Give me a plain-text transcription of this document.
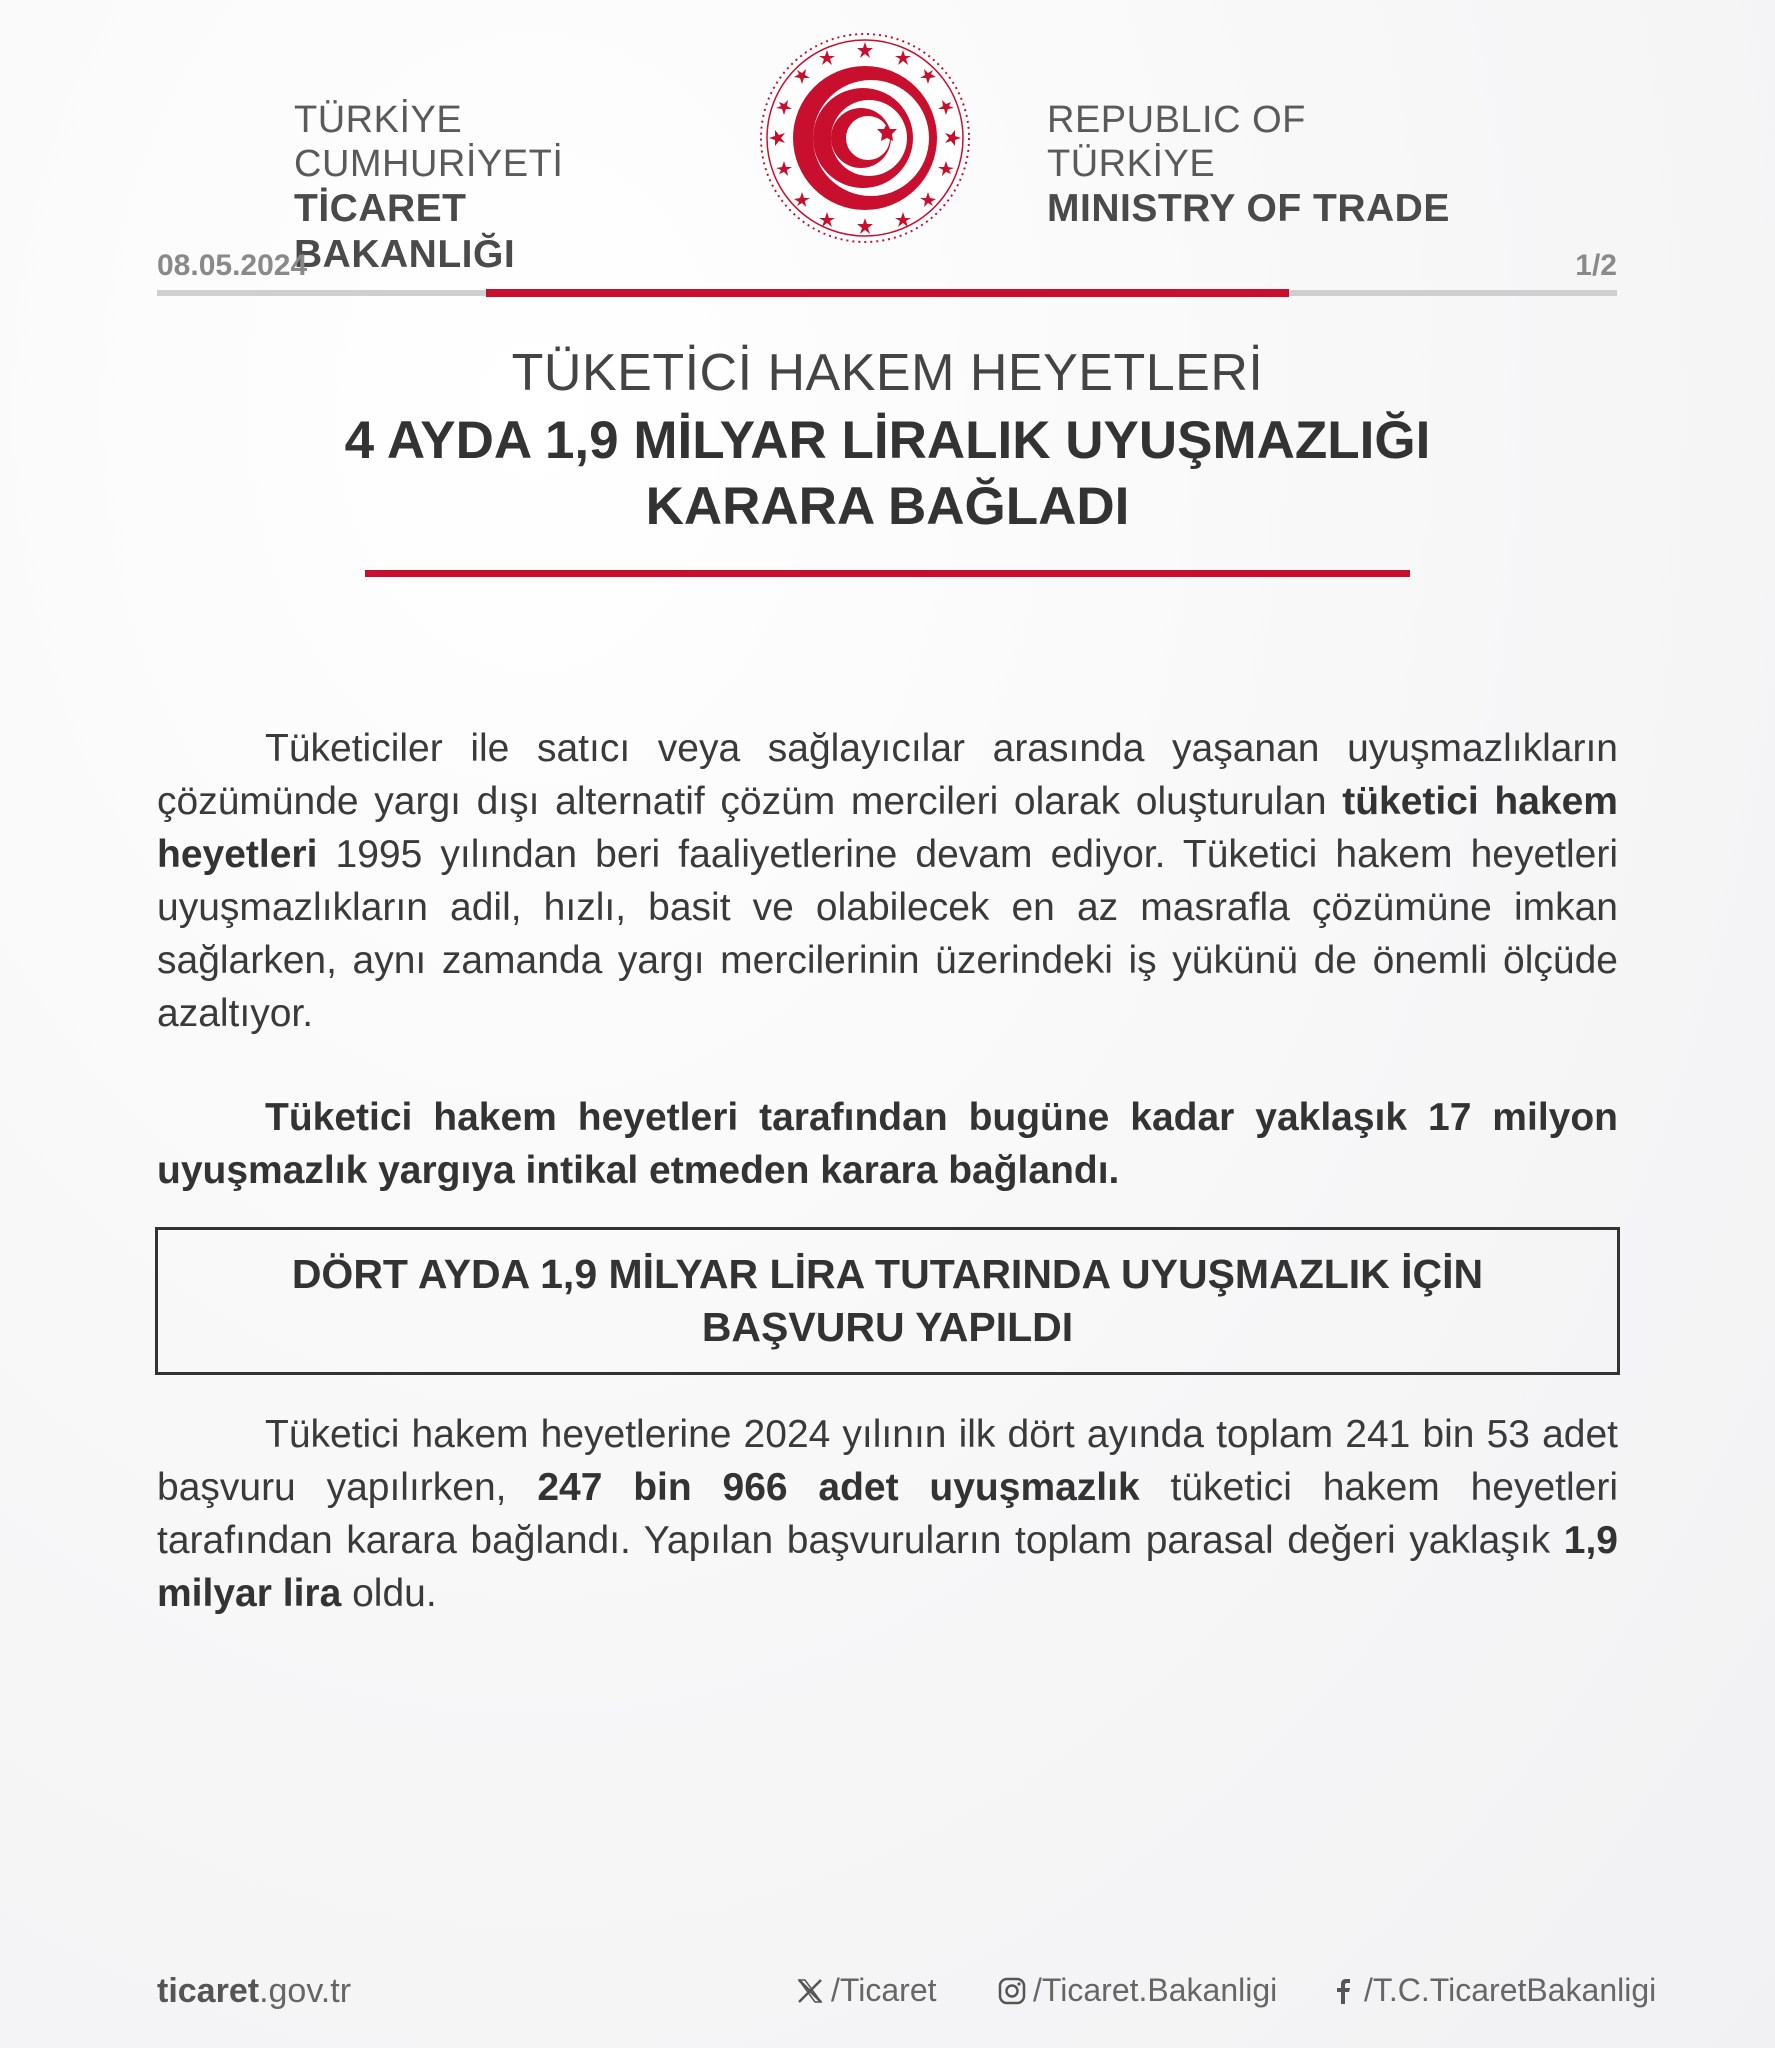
TÜRKİYE CUMHURİYETİ
TİCARET BAKANLIĞI
REPUBLIC OF TÜRKİYE
MINISTRY OF TRADE
08.05.2024	1/2
TÜKETİCİ HAKEM HEYETLERİ
4 AYDA 1,9 MİLYAR LİRALIK UYUŞMAZLIĞI
KARARA BAĞLADI
Tüketiciler ile satıcı veya sağlayıcılar arasında yaşanan uyuşmazlıkların çözümünde yargı dışı alternatif çözüm mercileri olarak oluşturulan tüketici hakem heyetleri 1995 yılından beri faaliyetlerine devam ediyor. Tüketici hakem heyetleri uyuşmazlıkların adil, hızlı, basit ve olabilecek en az masrafla çözümüne imkan sağlarken, aynı zamanda yargı mercilerinin üzerindeki iş yükünü de önemli ölçüde azaltıyor.
Tüketici hakem heyetleri tarafından bugüne kadar yaklaşık 17 milyon uyuşmazlık yargıya intikal etmeden karara bağlandı.
DÖRT AYDA 1,9 MİLYAR LİRA TUTARINDA UYUŞMAZLIK İÇİN
BAŞVURU YAPILDI
Tüketici hakem heyetlerine 2024 yılının ilk dört ayında toplam 241 bin 53 adet başvuru yapılırken, 247 bin 966 adet uyuşmazlık tüketici hakem heyetleri tarafından karara bağlandı. Yapılan başvuruların toplam parasal değeri yaklaşık 1,9 milyar lira oldu.
ticaret.gov.tr	/Ticaret	/Ticaret.Bakanligi	/T.C.TicaretBakanligi
